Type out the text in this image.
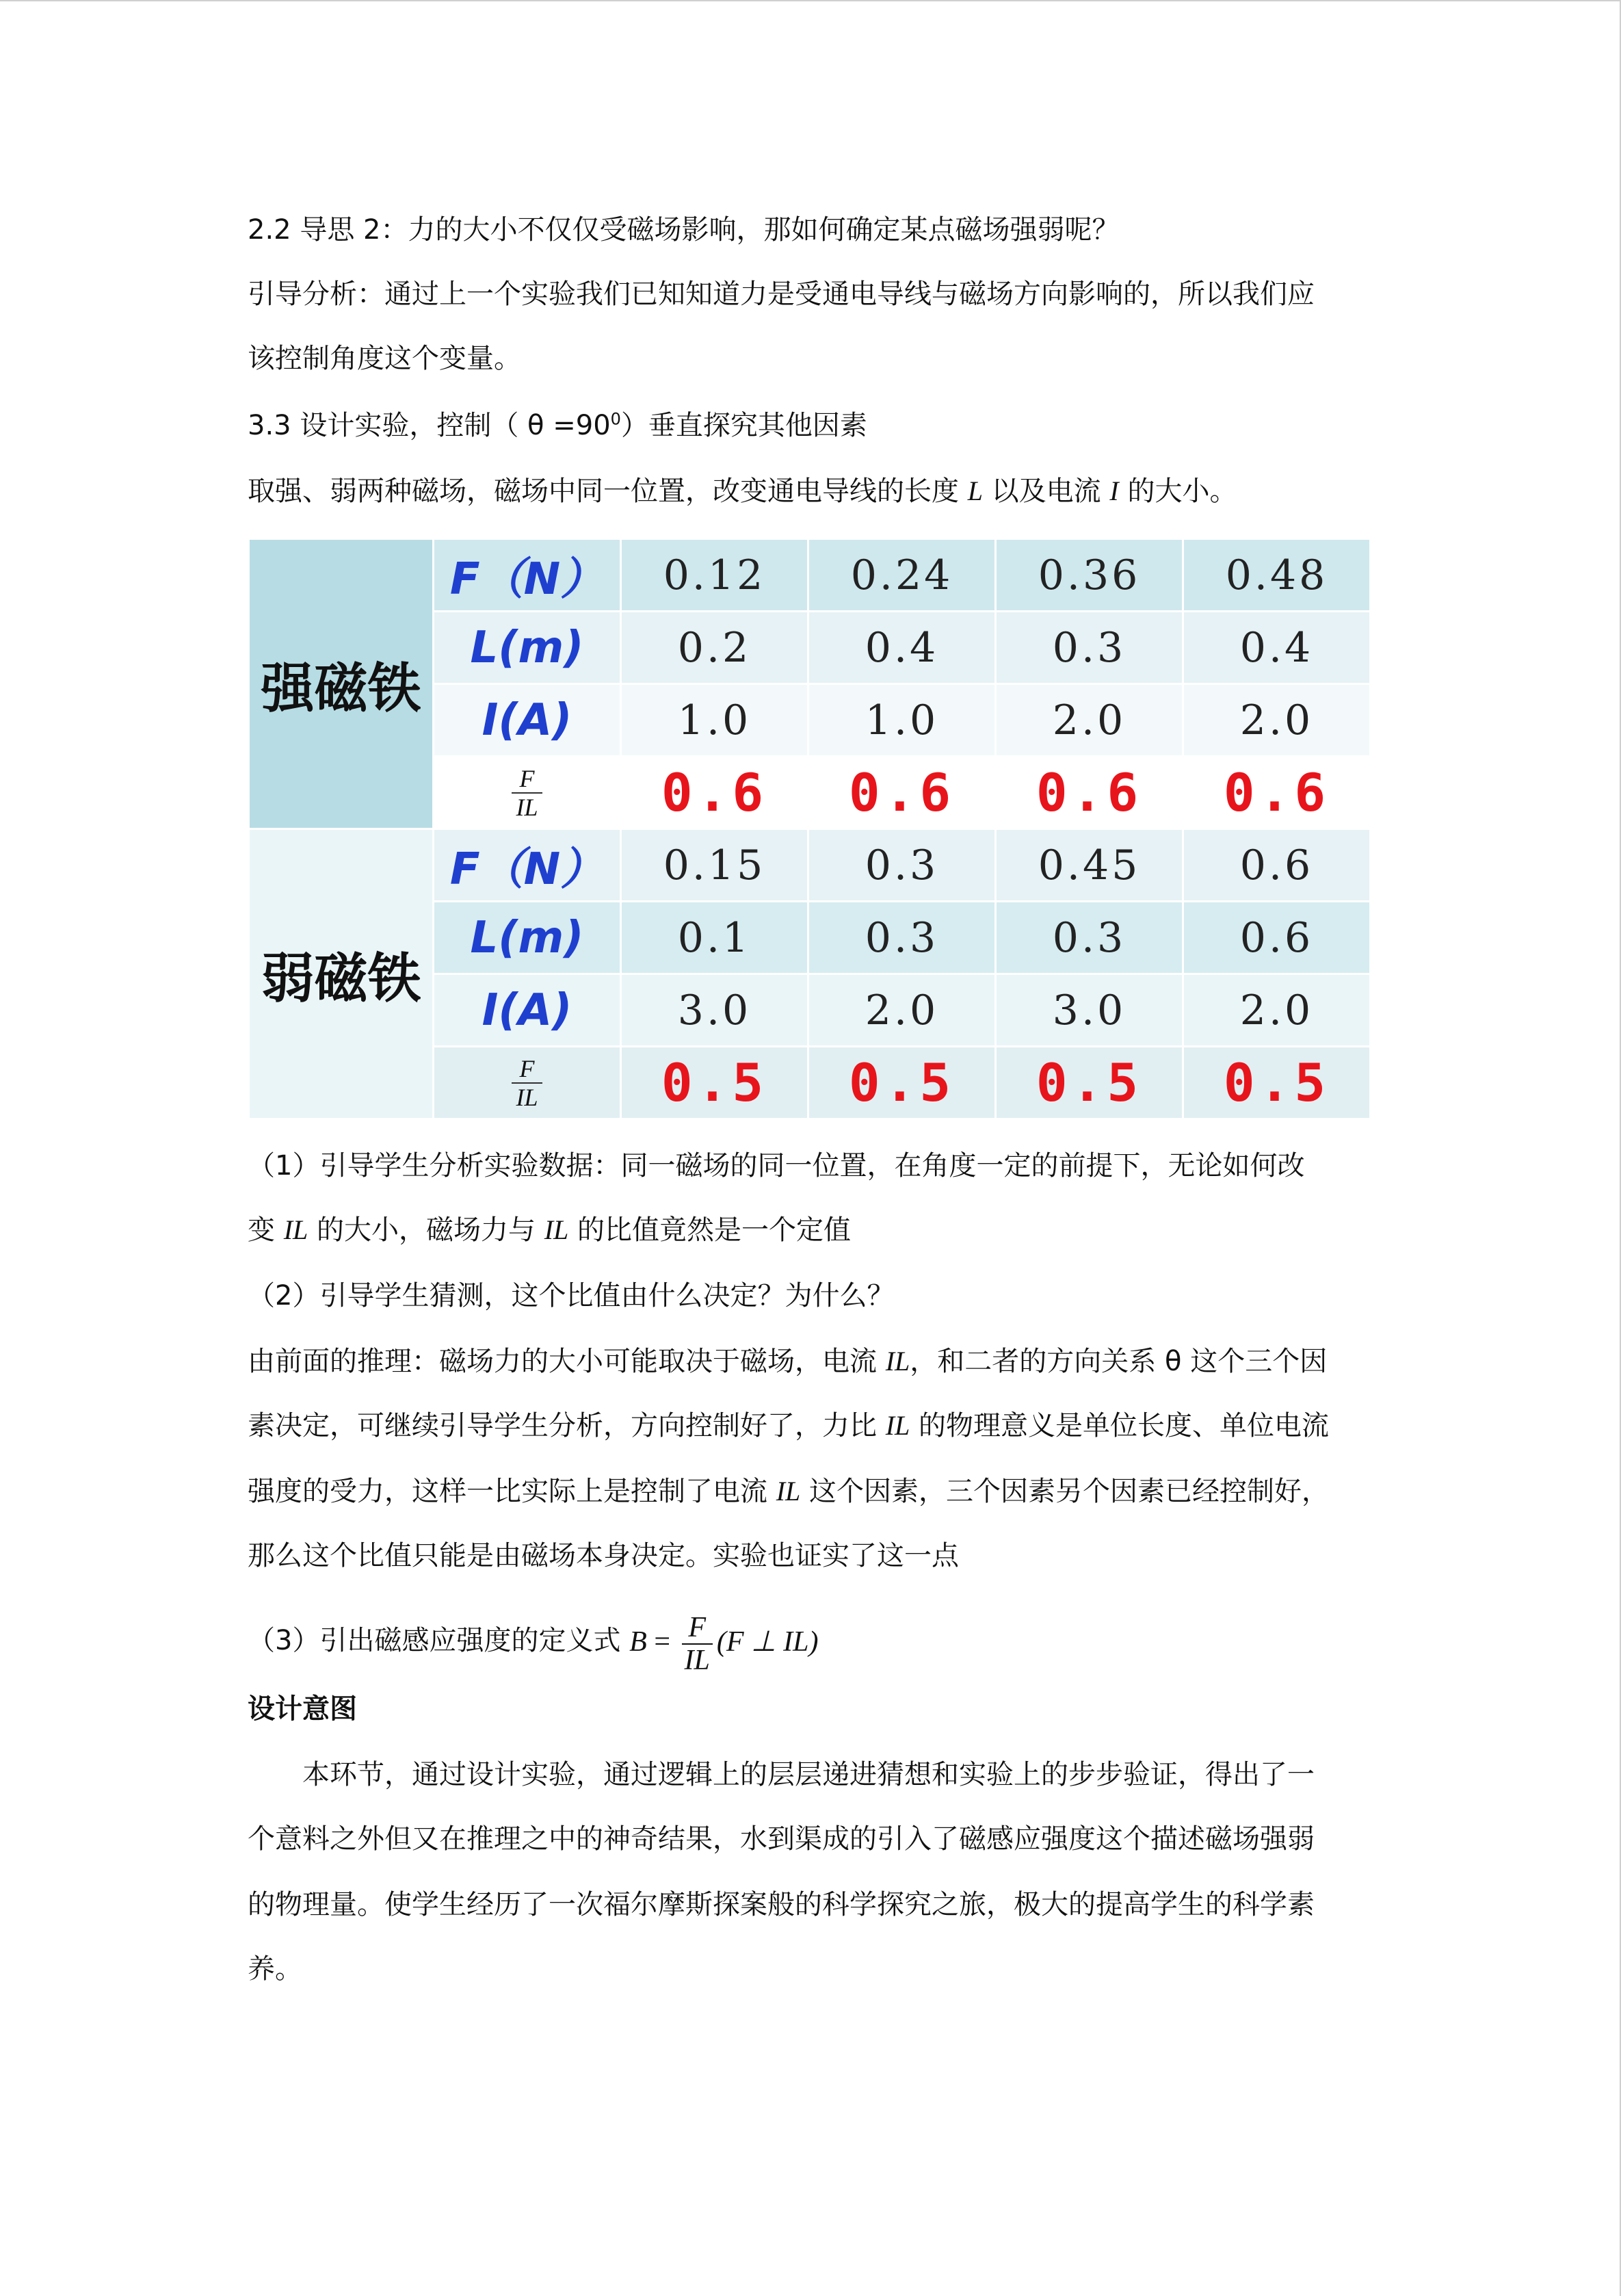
2.2 导思 2：力的大小不仅仅受磁场影响，那如何确定某点磁场强弱呢？
引导分析：通过上一个实验我们已知知道力是受通电导线与磁场方向影响的，所以我们应
该控制角度这个变量。
3.3 设计实验，控制（ $\theta =90^0$）垂直探究其他因素
取强、弱两种磁场，磁场中同一位置，改变通电导线的长度 L 以及电流 I 的大小。
强磁铁	F（N）	0.12	0.24	0.36	0.48
	L(m)	0.2	0.4	0.3	0.4
	I(A)	1.0	1.0	2.0	2.0

	$\frac{F}{IL}$	0.6	0.6	0.6	0.6
弱磁铁	F（N）	0.15	0.3	0.45	0.6
	L(m)	0.1	0.3	0.3	0.6
	I(A)	3.0	2.0	3.0	2.0

	$\frac{F}{IL}$	0.5	0.5	0.5	0.5
（1）引导学生分析实验数据：同一磁场的同一位置，在角度一定的前提下，无论如何改
变 IL 的大小，磁场力与 IL 的比值竟然是一个定值
（2）引导学生猜测，这个比值由什么决定？为什么？
由前面的推理：磁场力的大小可能取决于磁场，电流 IL，和二者的方向关系 θ 这个三个因
素决定，可继续引导学生分析，方向控制好了，力比 IL 的物理意义是单位长度、单位电流
强度的受力，这样一比实际上是控制了电流 IL 这个因素，三个因素另个因素已经控制好，
那么这个比值只能是由磁场本身决定。实验也证实了这一点
（3）引出磁感应强度的定义式 $B = \frac{F}{IL} (F$ ⊥ IL)
设计意图
本环节，通过设计实验，通过逻辑上的层层递进猜想和实验上的步步验证，得出了一
个意料之外但又在推理之中的神奇结果，水到渠成的引入了磁感应强度这个描述磁场强弱
的物理量。使学生经历了一次福尔摩斯探案般的科学探究之旅，极大的提高学生的科学素
养。
